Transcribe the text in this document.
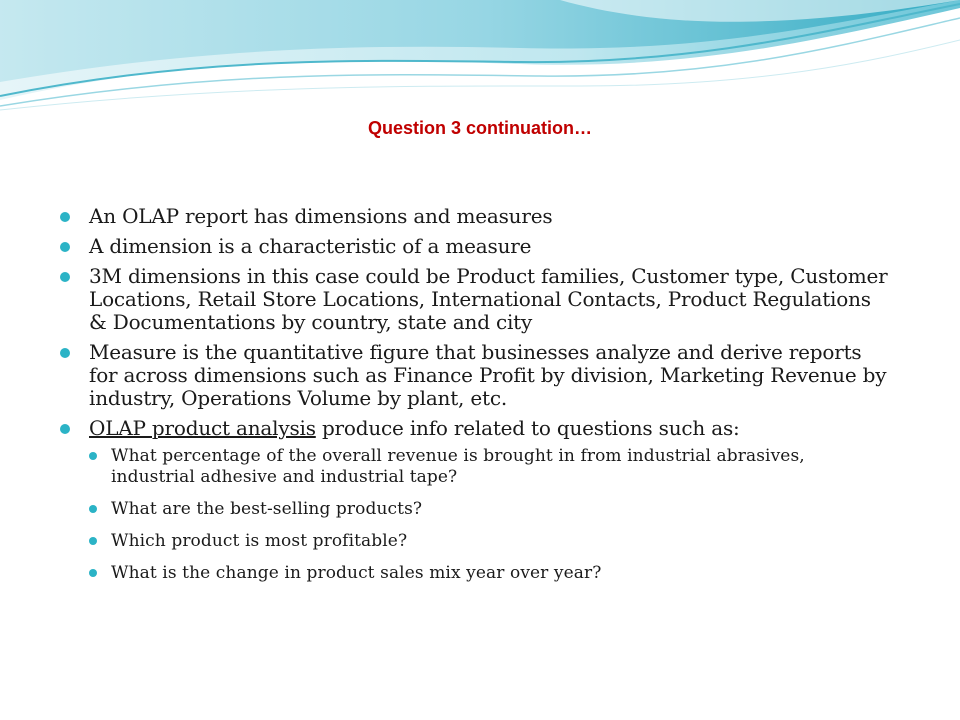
Question 3 continuation…
An OLAP report has dimensions and measures
A dimension is a characteristic of a measure
3M dimensions in this case could be Product families, Customer type, Customer Locations, Retail Store Locations, International Contacts, Product Regulations & Documentations by country, state and city
Measure is the quantitative figure that businesses analyze and derive reports for across dimensions such as Finance Profit by division, Marketing Revenue by industry, Operations Volume by plant, etc.
OLAP product analysis produce info related to questions such as:
What percentage of the overall revenue is brought in from industrial abrasives, industrial adhesive and industrial tape?
What are the best-selling products?
Which product is most profitable?
What is the change in product sales mix year over year?
